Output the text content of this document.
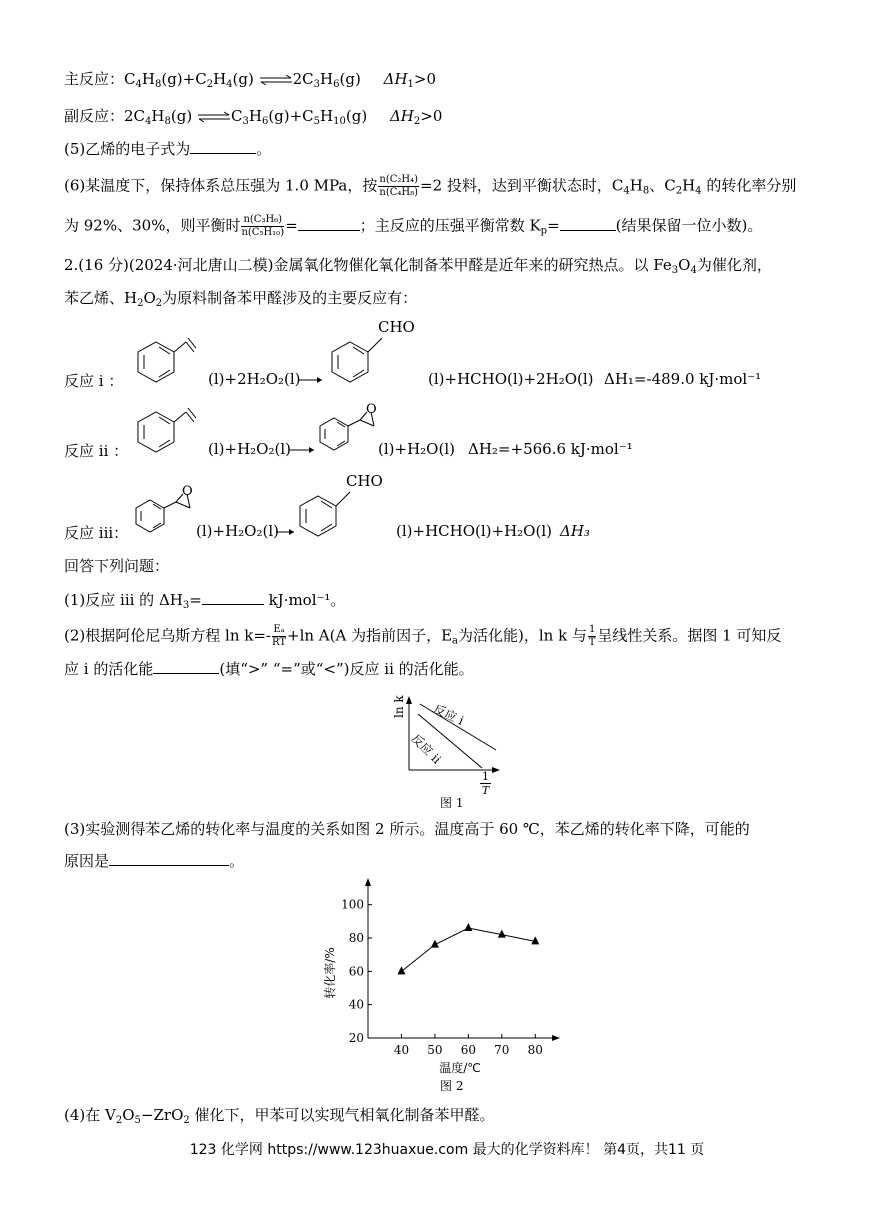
主反应：$C_4H_8(g)+C_2H_4(g)$ $\rightleftharpoons 2C_3H_6(g)$ $\Delta H_1>0$
副反应：$2C_4H_8(g)$ $\rightleftharpoons C_3H_6(g)+C_5H_{10}(g)$ $\Delta H_2>0$
(5)乙烯的电子式为	。
(6)某温度下，保持体系总压强为 1.0 MPa，按 $\frac{\text{n(C₂H₄)}}{\text{n(C₄H₈)}} =2$ 投料，达到平衡状态时，$C_4H_8$、$C_2H_4$ 的转化率分别
为 92%、30%，则平衡时 $\frac{\text{n(C₃H₆)}}{\text{n(C₅H₁₀)}}$ =	；主反应的压强平衡常数 $K_p=$	(结果保留一位小数)。
2.(16 分)(2024·河北唐山二模)金属氧化物催化氧化制备苯甲醛是近年来的研究热点。以 $Fe_3O_4$为催化剂，
苯乙烯、$H_2O_2$为原料制备苯甲醛涉及的主要反应有：
反应 i ：	(l)+2H₂O₂(l)
CHO
(l)+HCHO(l)+2H₂O(l) ΔH₁=-489.0 kJ·mol⁻¹
反应 ii ：	(l)+H₂O₂(l)
O
(l)+H₂O(l) ΔH₂=+566.6 kJ·mol⁻¹
反应 iii：
O
(l)+H₂O₂(l)
CHO
(l)+HCHO(l)+H₂O(l) ΔH₃
回答下列问题：
(1)反应 iii 的 $\Delta H_3=$	kJ·mol⁻¹。
(2)根据阿伦尼乌斯方程 $\ln k=- \frac{\text{Eₐ}}{RT} +\ln$ A(A 为指前因子，$E_a$为活化能)，ln k 与 $\frac{1}{T}$ 呈线性关系。据图 1 可知反
应 i 的活化能	(填“>” “=”或“<”)反应 ii 的活化能。
ln k 反应 i
反应 ii
1
T
图 1
(3)实验测得苯乙烯的转化率与温度的关系如图 2 所示。温度高于 60 ℃，苯乙烯的转化率下降，可能的
原因是	。
20
40
60
80
100
40 50 60 70 80
温度/℃
转化率/%
图 2
(4)在 $V_2O_5-ZrO_2$ 催化下，甲苯可以实现气相氧化制备苯甲醛。
123 化学网 https://www.123huaxue.com 最大的化学资料库！ 第4页，共11 页
